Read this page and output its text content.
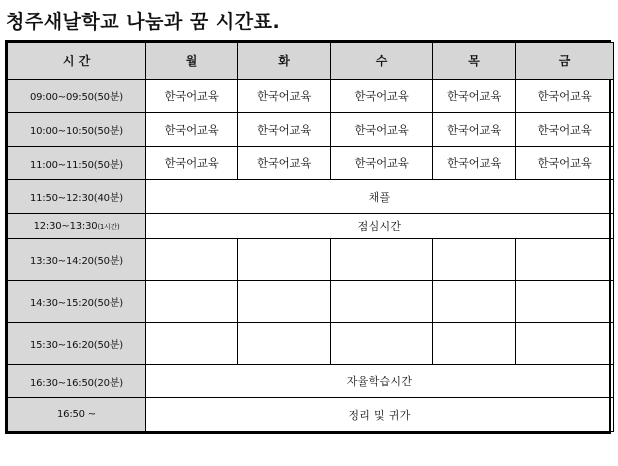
청주새날학교 나눔과 꿈 시간표.
시 간	월	화	수	목	금
09:00~09:50(50분)	한국어교육	한국어교육	한국어교육	한국어교육	한국어교육
10:00~10:50(50분)	한국어교육	한국어교육	한국어교육	한국어교육	한국어교육
11:00~11:50(50분)	한국어교육	한국어교육	한국어교육	한국어교육	한국어교육
11:50~12:30(40분)	채플				
12:30~13:30(1시간)	점심시간				
13:30~14:20(50분)					
14:30~15:20(50분)					
15:30~16:20(50분)					
16:30~16:50(20분)	자율학습시간				
16:50 ~	정리 및 귀가				
